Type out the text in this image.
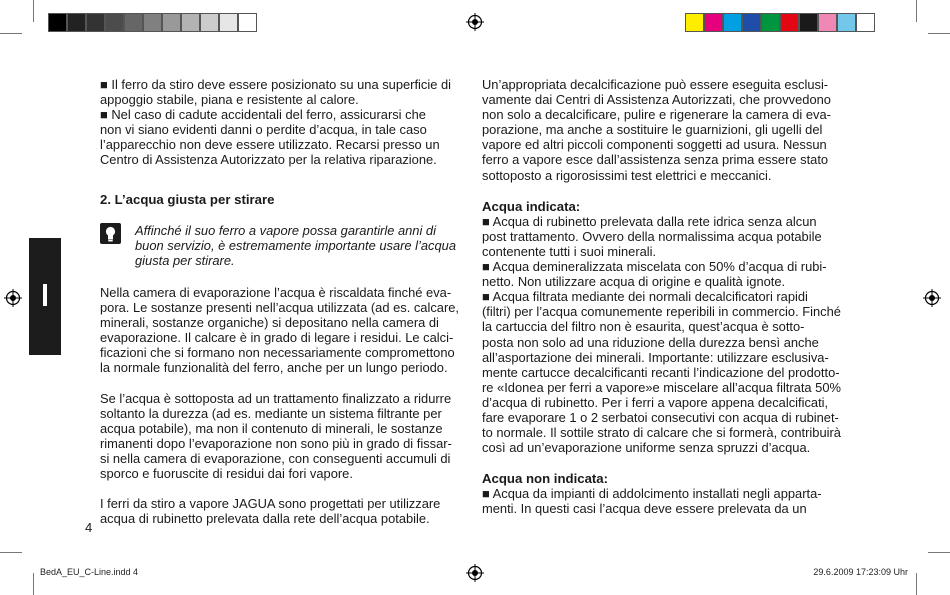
■ Il ferro da stiro deve essere posizionato su una superficie di

appoggio stabile, piana e resistente al calore.

■ Nel caso di cadute accidentali del ferro, assicurarsi che

non vi siano evidenti danni o perdite d’acqua, in tale caso

l’apparecchio non deve essere utilizzato. Recarsi presso un

Centro di Assistenza Autorizzato per la relativa riparazione.

2. L’acqua giusta per stirare

Affinché il suo ferro a vapore possa garantirle anni di

buon servizio, è estremamente importante usare l’acqua

giusta per stirare.

Nella camera di evaporazione l’acqua è riscaldata finché eva-

pora. Le sostanze presenti nell’acqua utilizzata (ad es. calcare,

minerali, sostanze organiche) si depositano nella camera di

evaporazione. Il calcare è in grado di legare i residui. Le calci-

ficazioni che si formano non necessariamente compromettono

la normale funzionalità del ferro, anche per un lungo periodo.

Se l’acqua è sottoposta ad un trattamento finalizzato a ridurre

soltanto la durezza (ad es. mediante un sistema filtrante per

acqua potabile), ma non il contenuto di minerali, le sostanze

rimanenti dopo l’evaporazione non sono più in grado di fissar-

si nella camera di evaporazione, con conseguenti accumuli di

sporco e fuoruscite di residui dai fori vapore.

I ferri da stiro a vapore JAGUA sono progettati per utilizzare

acqua di rubinetto prelevata dalla rete dell’acqua potabile.

4

Un’appropriata decalcificazione può essere eseguita esclusi-

vamente dai Centri di Assistenza Autorizzati, che provvedono

non solo a decalcificare, pulire e rigenerare la camera di eva-

porazione, ma anche a sostituire le guarnizioni, gli ugelli del

vapore ed altri piccoli componenti soggetti ad usura. Nessun

ferro a vapore esce dall’assistenza senza prima essere stato

sottoposto a rigorosissimi test elettrici e meccanici.

Acqua indicata:

■ Acqua di rubinetto prelevata dalla rete idrica senza alcun

post trattamento. Ovvero della normalissima acqua potabile

contenente tutti i suoi minerali.

■ Acqua demineralizzata miscelata con 50% d’acqua di rubi-

netto. Non utilizzare acqua di origine e qualità ignote.

■ Acqua filtrata mediante dei normali decalcificatori rapidi

(filtri) per l’acqua comunemente reperibili in commercio. Finché

la cartuccia del filtro non è esaurita, quest’acqua è sotto-

posta non solo ad una riduzione della durezza bensì anche

all’asportazione dei minerali. Importante: utilizzare esclusiva-

mente cartucce decalcificanti recanti l’indicazione del prodotto-

re «Idonea per ferri a vapore»e miscelare all’acqua filtrata 50%

d’acqua di rubinetto. Per i ferri a vapore appena decalcificati,

fare evaporare 1 o 2 serbatoi consecutivi con acqua di rubinet-

to normale. Il sottile strato di calcare che si formerà, contribuirà

così ad un’evaporazione uniforme senza spruzzi d’acqua.

Acqua non indicata:

■ Acqua da impianti di addolcimento installati negli apparta-

menti. In questi casi l’acqua deve essere prelevata da un

BedA_EU_C-Line.indd 4	29.6.2009 17:23:09 Uhr
